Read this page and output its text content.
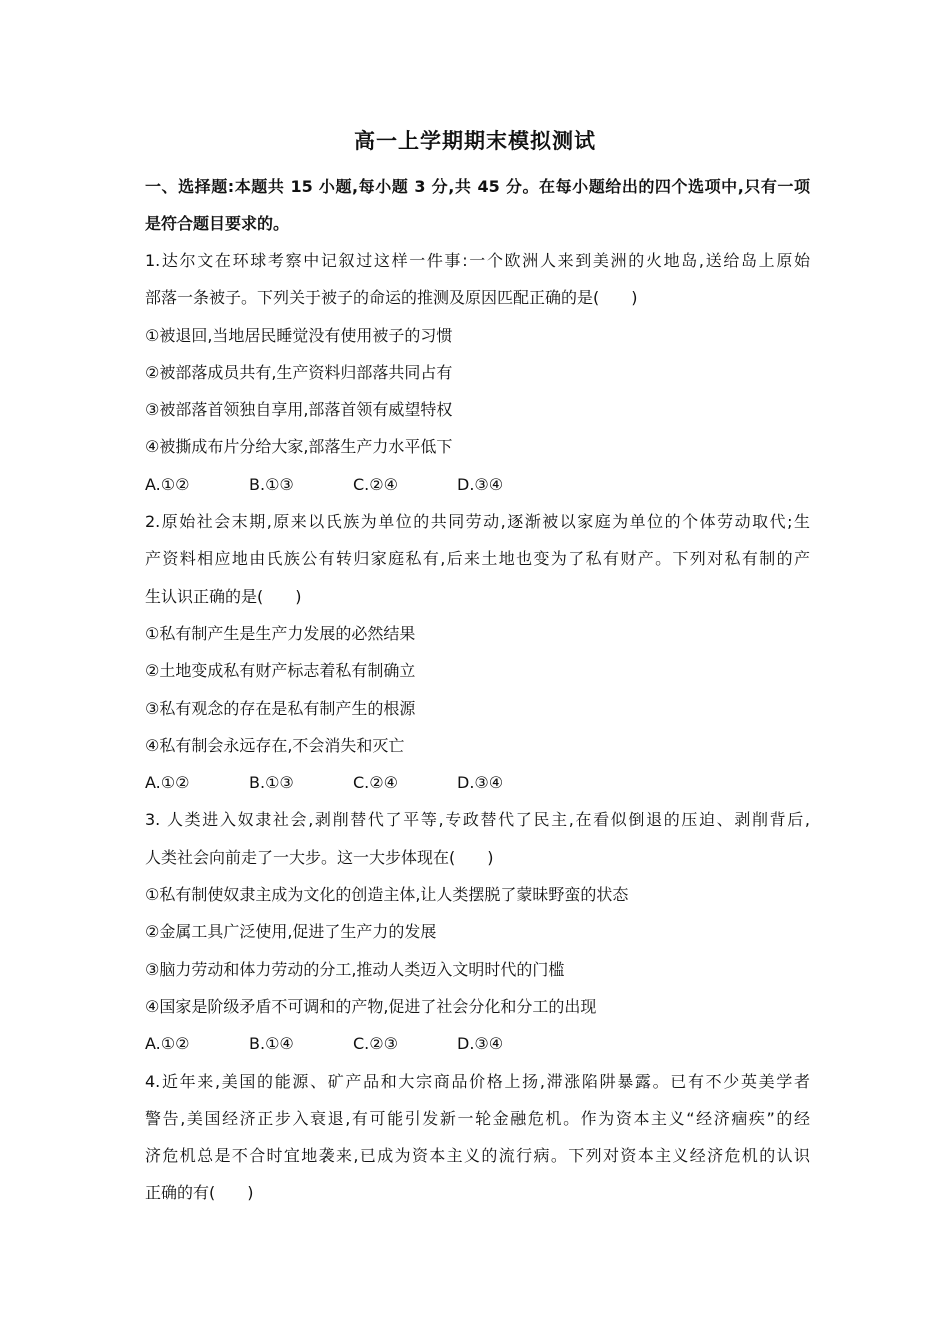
高一上学期期末模拟测试
一、选择题:本题共 15 小题,每小题 3 分,共 45 分。在每小题给出的四个选项中,只有一项
是符合题目要求的。
1.达尔文在环球考察中记叙过这样一件事:一个欧洲人来到美洲的火地岛,送给岛上原始
部落一条被子。下列关于被子的命运的推测及原因匹配正确的是(　　)
①被退回,当地居民睡觉没有使用被子的习惯
②被部落成员共有,生产资料归部落共同占有
③被部落首领独自享用,部落首领有威望特权
④被撕成布片分给大家,部落生产力水平低下
A.①②	B.①③	C.②④	D.③④
2.原始社会末期,原来以氏族为单位的共同劳动,逐渐被以家庭为单位的个体劳动取代;生
产资料相应地由氏族公有转归家庭私有,后来土地也变为了私有财产。下列对私有制的产
生认识正确的是(　　)
①私有制产生是生产力发展的必然结果
②土地变成私有财产标志着私有制确立
③私有观念的存在是私有制产生的根源
④私有制会永远存在,不会消失和灭亡
A.①②	B.①③	C.②④	D.③④
3. 人类进入奴隶社会,剥削替代了平等,专政替代了民主,在看似倒退的压迫、剥削背后,
人类社会向前走了一大步。这一大步体现在(　　)
①私有制使奴隶主成为文化的创造主体,让人类摆脱了蒙昧野蛮的状态
②金属工具广泛使用,促进了生产力的发展
③脑力劳动和体力劳动的分工,推动人类迈入文明时代的门槛
④国家是阶级矛盾不可调和的产物,促进了社会分化和分工的出现
A.①②	B.①④	C.②③	D.③④
4.近年来,美国的能源、矿产品和大宗商品价格上扬,滞涨陷阱暴露。已有不少英美学者
警告,美国经济正步入衰退,有可能引发新一轮金融危机。作为资本主义“经济痼疾”的经
济危机总是不合时宜地袭来,已成为资本主义的流行病。下列对资本主义经济危机的认识
正确的有(　　)
